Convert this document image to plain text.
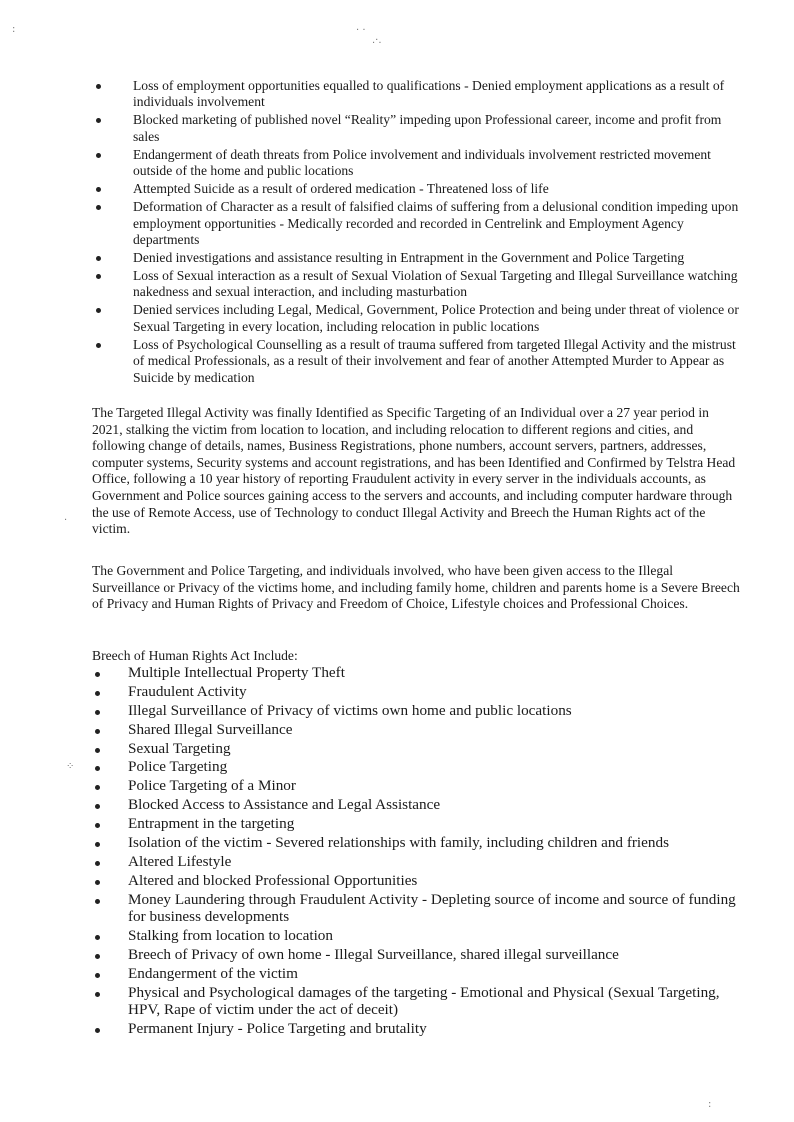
Loss of employment opportunities equalled to qualifications - Denied employment applications as a result of individuals involvement
Blocked marketing of published novel “Reality” impeding upon Professional career, income and profit from sales
Endangerment of death threats from Police involvement and individuals involvement restricted movement outside of the home and public locations
Attempted Suicide as a result of ordered medication - Threatened loss of life
Deformation of Character as a result of falsified claims of suffering from a delusional condition impeding upon employment opportunities - Medically recorded and recorded in Centrelink and Employment Agency departments
Denied investigations and assistance resulting in Entrapment in the Government and Police Targeting
Loss of Sexual interaction as a result of Sexual Violation of Sexual Targeting and Illegal Surveillance watching nakedness and sexual interaction, and including masturbation
Denied services including Legal, Medical, Government, Police Protection and being under threat of violence or Sexual Targeting in every location, including relocation in public locations
Loss of Psychological Counselling as a result of trauma suffered from targeted Illegal Activity and the mistrust of medical Professionals, as a result of their involvement and fear of another Attempted Murder to Appear as Suicide by medication

The Targeted Illegal Activity was finally Identified as Specific Targeting of an Individual over a 27 year period in 2021, stalking the victim from location to location, and including relocation to different regions and cities, and following change of details, names, Business Registrations, phone numbers, account servers, partners, addresses, computer systems, Security systems and account registrations, and has been Identified and Confirmed by Telstra Head Office, following a 10 year history of reporting Fraudulent activity in every server in the individuals accounts, as Government and Police sources gaining access to the servers and accounts, and including computer hardware through the use of Remote Access, use of Technology to conduct Illegal Activity and Breech the Human Rights act of the victim.

The Government and Police Targeting, and individuals involved, who have been given access to the Illegal Surveillance or Privacy of the victims home, and including family home, children and parents home is a Severe Breech of Privacy and Human Rights of Privacy and Freedom of Choice, Lifestyle choices and Professional Choices.

Breech of Human Rights Act Include:

Multiple Intellectual Property Theft
Fraudulent Activity
Illegal Surveillance of Privacy of victims own home and public locations
Shared Illegal Surveillance
Sexual Targeting
Police Targeting
Police Targeting of a Minor
Blocked Access to Assistance and Legal Assistance
Entrapment in the targeting
Isolation of the victim - Severed relationships with family, including children and friends
Altered Lifestyle
Altered and blocked Professional Opportunities
Money Laundering through Fraudulent Activity - Depleting source of income and source of funding for business developments
Stalking from location to location
Breech of Privacy of own home - Illegal Surveillance, shared illegal surveillance
Endangerment of the victim
Physical and Psychological damages of the targeting - Emotional and Physical (Sexual Targeting, HPV, Rape of victim under the act of deceit)
Permanent Injury - Police Targeting and brutality
· ·
.·.
:
⁘
·
:
